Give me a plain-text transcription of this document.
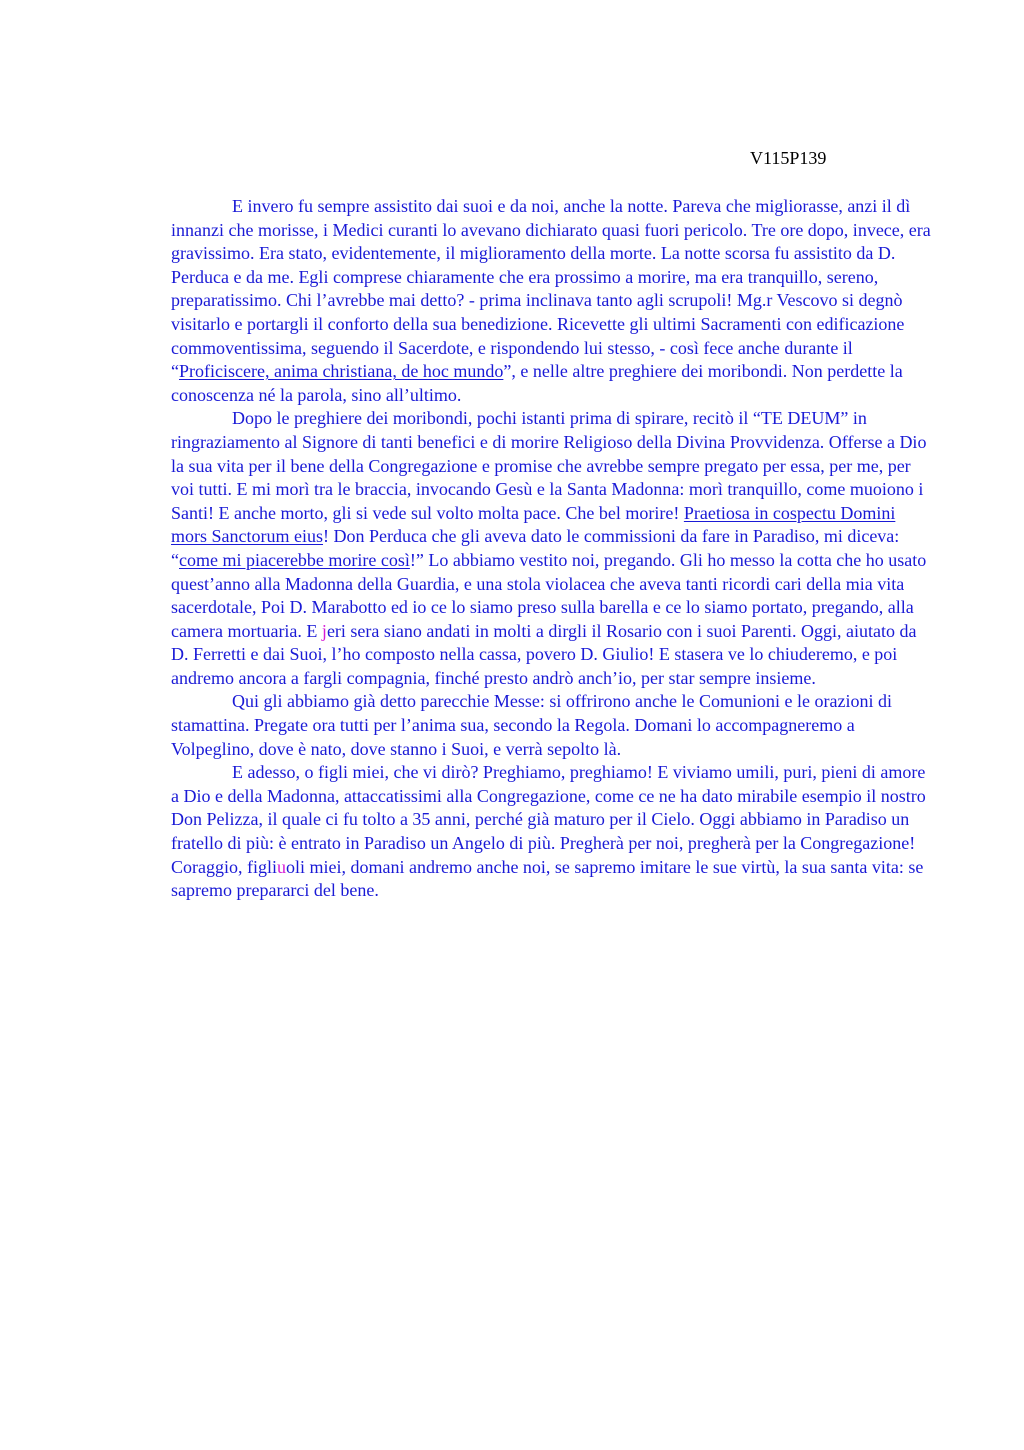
V115P139

E invero fu sempre assistito dai suoi e da noi, anche la notte. Pareva che migliorasse, anzi il dì innanzi che morisse, i Medici curanti lo avevano dichiarato quasi fuori pericolo. Tre ore dopo, invece, era gravissimo. Era stato, evidentemente, il miglioramento della morte. La notte scorsa fu assistito da D. Perduca e da me. Egli comprese chiaramente che era prossimo a morire, ma era tranquillo, sereno, preparatissimo. Chi l’avrebbe mai detto? - prima inclinava tanto agli scrupoli! Mg.r Vescovo si degnò visitarlo e portargli il conforto della sua benedizione. Ricevette gli ultimi Sacramenti con edificazione commoventissima, seguendo il Sacerdote, e rispondendo lui stesso, - così fece anche durante il “Proficiscere, anima christiana, de hoc mundo”, e nelle altre preghiere dei moribondi. Non perdette la conoscenza né la parola, sino all’ultimo.

Dopo le preghiere dei moribondi, pochi istanti prima di spirare, recitò il “TE DEUM” in ringraziamento al Signore di tanti benefici e di morire Religioso della Divina Provvidenza. Offerse a Dio la sua vita per il bene della Congregazione e promise che avrebbe sempre pregato per essa, per me, per voi tutti. E mi morì tra le braccia, invocando Gesù e la Santa Madonna: morì tranquillo, come muoiono i Santi! E anche morto, gli si vede sul volto molta pace. Che bel morire! Praetiosa in cospectu Domini mors Sanctorum eius! Don Perduca che gli aveva dato le commissioni da fare in Paradiso, mi diceva: “come mi piacerebbe morire così!” Lo abbiamo vestito noi, pregando. Gli ho messo la cotta che ho usato quest’anno alla Madonna della Guardia, e una stola violacea che aveva tanti ricordi cari della mia vita sacerdotale, Poi D. Marabotto ed io ce lo siamo preso sulla barella e ce lo siamo portato, pregando, alla camera mortuaria. E jeri sera siano andati in molti a dirgli il Rosario con i suoi Parenti. Oggi, aiutato da D. Ferretti e dai Suoi, l’ho composto nella cassa, povero D. Giulio! E stasera ve lo chiuderemo, e poi andremo ancora a fargli compagnia, finché presto andrò anch’io, per star sempre insieme.

Qui gli abbiamo già detto parecchie Messe: si offrirono anche le Comunioni e le orazioni di stamattina. Pregate ora tutti per l’anima sua, secondo la Regola. Domani lo accompagneremo a Volpeglino, dove è nato, dove stanno i Suoi, e verrà sepolto là.

E adesso, o figli miei, che vi dirò? Preghiamo, preghiamo! E viviamo umili, puri, pieni di amore a Dio e della Madonna, attaccatissimi alla Congregazione, come ce ne ha dato mirabile esempio il nostro Don Pelizza, il quale ci fu tolto a 35 anni, perché già maturo per il Cielo. Oggi abbiamo in Paradiso un fratello di più: è entrato in Paradiso un Angelo di più. Pregherà per noi, pregherà per la Congregazione! Coraggio, figliuoli miei, domani andremo anche noi, se sapremo imitare le sue virtù, la sua santa vita: se sapremo prepararci del bene.
